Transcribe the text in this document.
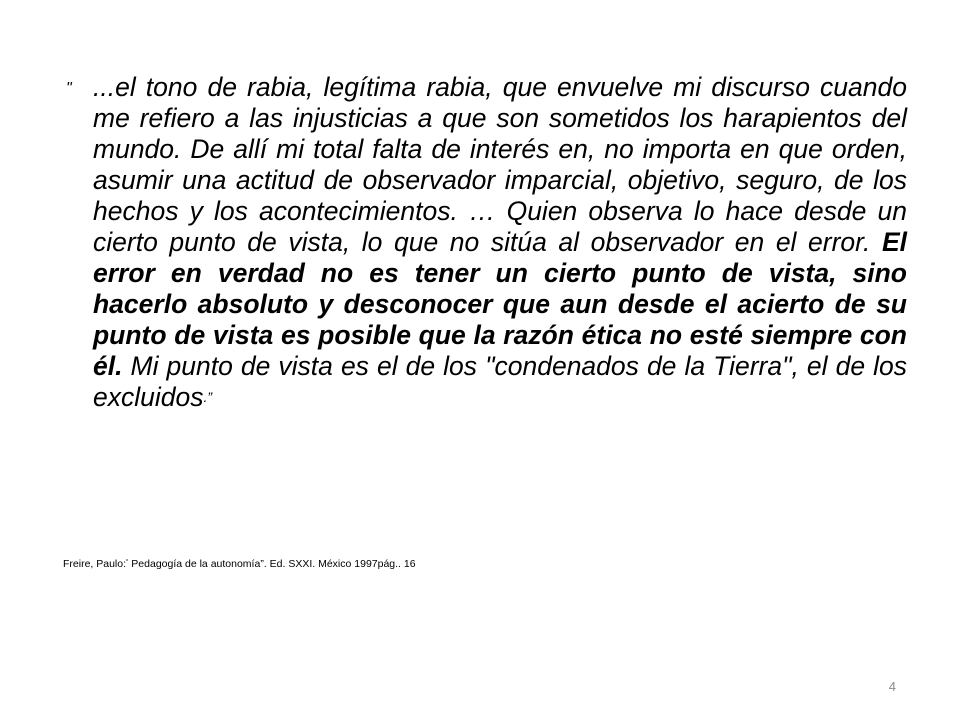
" ...el tono de rabia, legítima rabia, que envuelve mi discurso cuando me refiero a las injusticias a que son sometidos los harapientos del mundo. De allí mi total falta de interés en, no importa en que orden, asumir una actitud de observador imparcial, objetivo, seguro, de los hechos y los acontecimientos. … Quien observa lo hace desde un cierto punto de vista, lo que no sitúa al observador en el error. El error en verdad no es tener un cierto punto de vista, sino hacerlo absoluto y desconocer que aun desde el acierto de su punto de vista es posible que la razón ética no esté siempre con él. Mi punto de vista es el de los "condenados de la Tierra", el de los excluidos.”
Freire, Paulo:“ Pedagogía de la autonomía”. Ed. SXXI. México 1997pág.. 16
4
